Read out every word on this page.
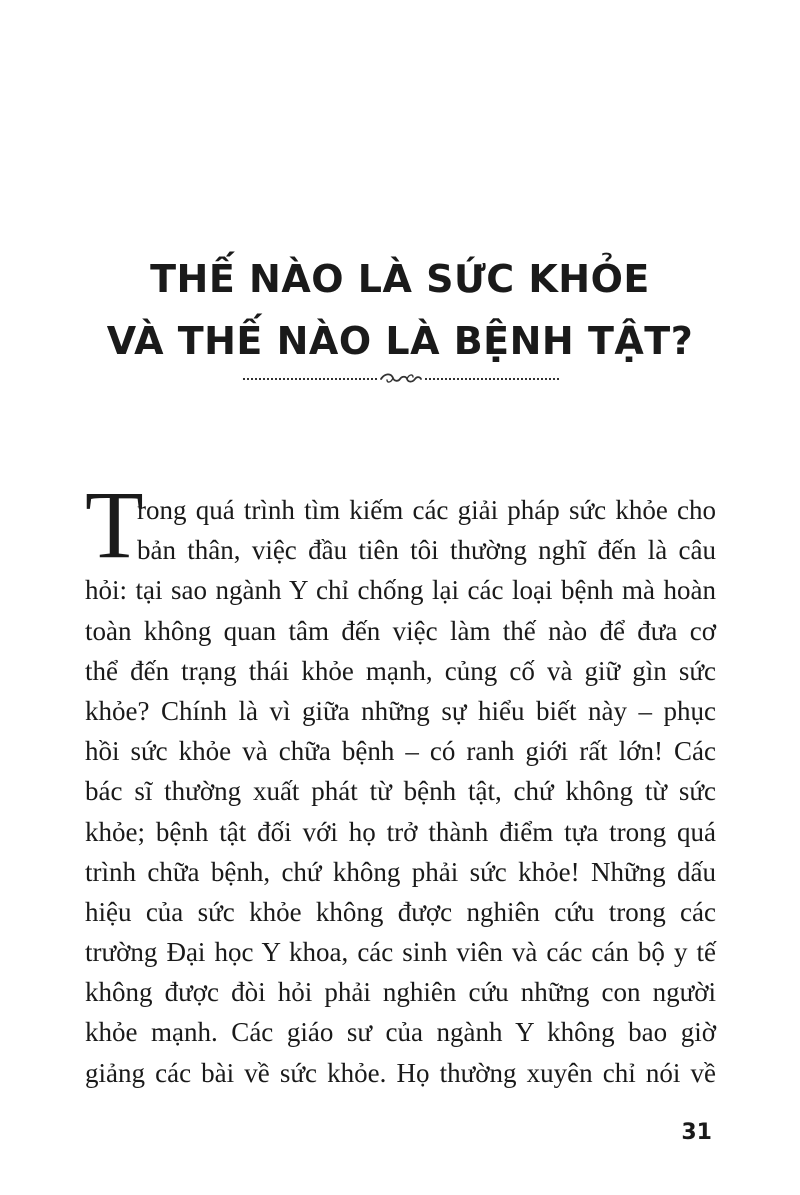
THẾ NÀO LÀ SỨC KHỎE
VÀ THẾ NÀO LÀ BỆNH TẬT?
T
rong quá trình tìm kiếm các giải pháp sức khỏe cho
bản thân, việc đầu tiên tôi thường nghĩ đến là câu
hỏi: tại sao ngành Y chỉ chống lại các loại bệnh mà hoàn
toàn không quan tâm đến việc làm thế nào để đưa cơ
thể đến trạng thái khỏe mạnh, củng cố và giữ gìn sức
khỏe? Chính là vì giữa những sự hiểu biết này – phục
hồi sức khỏe và chữa bệnh – có ranh giới rất lớn! Các
bác sĩ thường xuất phát từ bệnh tật, chứ không từ sức
khỏe; bệnh tật đối với họ trở thành điểm tựa trong quá
trình chữa bệnh, chứ không phải sức khỏe! Những dấu
hiệu của sức khỏe không được nghiên cứu trong các
trường Đại học Y khoa, các sinh viên và các cán bộ y tế
không được đòi hỏi phải nghiên cứu những con người
khỏe mạnh. Các giáo sư của ngành Y không bao giờ
giảng các bài về sức khỏe. Họ thường xuyên chỉ nói về
31
